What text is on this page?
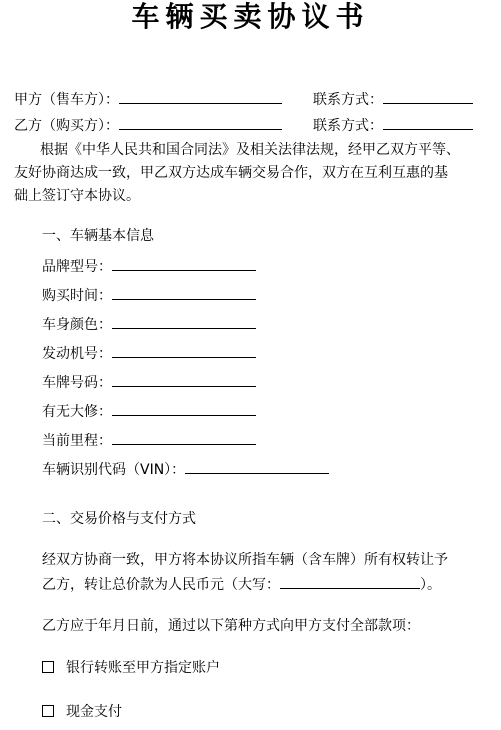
车辆买卖协议书
甲方（售车方）：	联系方式：
乙方（购买方）：	联系方式：
根据《中华人民共和国合同法》及相关法律法规，经甲乙双方平等、
友好协商达成一致，甲乙双方达成车辆交易合作，双方在互利互惠的基
础上签订守本协议。
一、车辆基本信息
品牌型号：
购买时间：
车身颜色：
发动机号：
车牌号码：
有无大修：
当前里程：
车辆识别代码（VIN）：
二、交易价格与支付方式
经双方协商一致，甲方将本协议所指车辆（含车牌）所有权转让予
乙方，转让总价款为人民币元（大写：	）。
乙方应于年月日前，通过以下第种方式向甲方支付全部款项：
银行转账至甲方指定账户
现金支付
